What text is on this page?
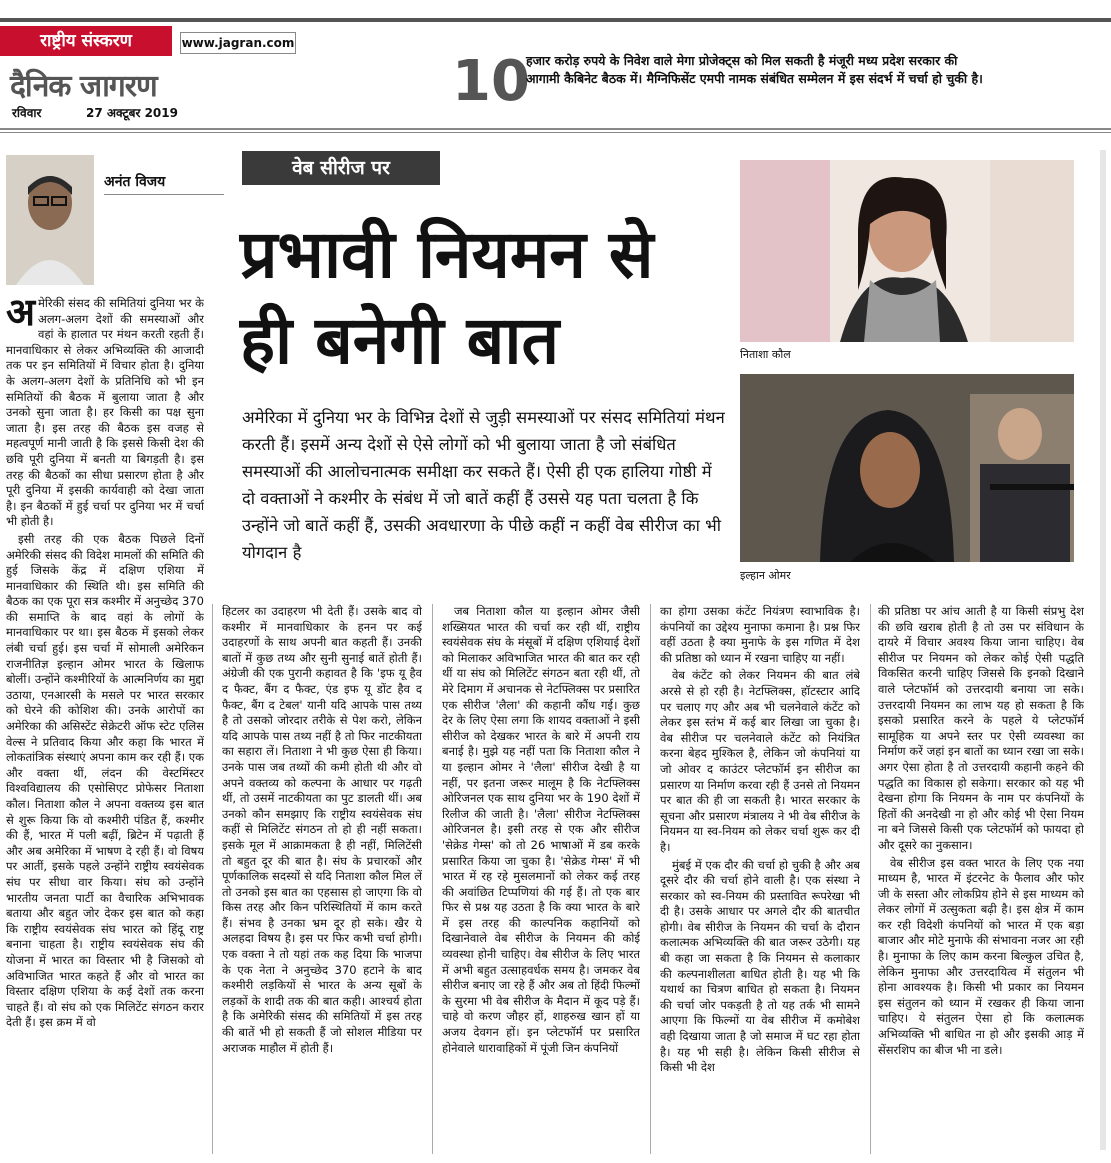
राष्ट्रीय संस्करण	www.jagran.com
दैनिक जागरण
रविवार	27 अक्टूबर 2019	10
हजार करोड़ रुपये के निवेश वाले मेगा प्रोजेक्ट्स को मिल सकती है मंजूरी मध्य प्रदेश सरकार की आगामी कैबिनेट बैठक में। मैग्निफिसेंट एमपी नामक संबंधित सम्मेलन में इस संदर्भ में चर्चा हो चुकी है।
अनंत विजय
वेब सीरीज पर
प्रभावी नियमन से ही बनेगी बात
अमेरिका में दुनिया भर के विभिन्न देशों से जुड़ी समस्याओं पर संसद समितियां मंथन करती हैं। इसमें अन्य देशों से ऐसे लोगों को भी बुलाया जाता है जो संबंधित समस्याओं की आलोचनात्मक समीक्षा कर सकते हैं। ऐसी ही एक हालिया गोष्ठी में दो वक्ताओं ने कश्मीर के संबंध में जो बातें कहीं हैं उससे यह पता चलता है कि उन्होंने जो बातें कहीं हैं, उसकी अवधारणा के पीछे कहीं न कहीं वेब सीरीज का भी योगदान है
निताशा कौल
इल्हान ओमर

अमेरिकी संसद की समितियां दुनिया भर के अलग-अलग देशों की समस्याओं और वहां के हालात पर मंथन करती रहती हैं। मानवाधिकार से लेकर अभिव्यक्ति की आजादी तक पर इन समितियों में विचार होता है। दुनिया के अलग-अलग देशों के प्रतिनिधि को भी इन समितियों की बैठक में बुलाया जाता है और उनको सुना जाता है। हर किसी का पक्ष सुना जाता है। इस तरह की बैठक इस वजह से महत्वपूर्ण मानी जाती है कि इससे किसी देश की छवि पूरी दुनिया में बनती या बिगड़ती है। इस तरह की बैठकों का सीधा प्रसारण होता है और पूरी दुनिया में इसकी कार्यवाही को देखा जाता है। इन बैठकों में हुई चर्चा पर दुनिया भर में चर्चा भी होती है।

इसी तरह की एक बैठक पिछले दिनों अमेरिकी संसद की विदेश मामलों की समिति की हुई जिसके केंद्र में दक्षिण एशिया में मानवाधिकार की स्थिति थी। इस समिति की बैठक का एक पूरा सत्र कश्मीर में अनुच्छेद 370 की समाप्ति के बाद वहां के लोगों के मानवाधिकार पर था। इस बैठक में इसको लेकर लंबी चर्चा हुई। इस चर्चा में सोमाली अमेरिकन राजनीतिज्ञ इल्हान ओमर भारत के खिलाफ बोलीं। उन्होंने कश्मीरियों के आत्मनिर्णय का मुद्दा उठाया, एनआरसी के मसले पर भारत सरकार को घेरने की कोशिश की। उनके आरोपों का अमेरिका की असिस्टेंट सेक्रेटरी ऑफ स्टेट एलिस वेल्स ने प्रतिवाद किया और कहा कि भारत में लोकतांत्रिक संस्थाएं अपना काम कर रही हैं। एक और वक्ता थीं, लंदन की वेस्टमिंस्टर विश्वविद्यालय की एसोसिएट प्रोफेसर निताशा कौल। निताशा कौल ने अपना वक्तव्य इस बात से शुरू किया कि वो कश्मीरी पंडित हैं, कश्मीर की हैं, भारत में पली बढ़ीं, ब्रिटेन में पढ़ाती हैं और अब अमेरिका में भाषण दे रही हैं। वो विषय पर आतीं, इसके पहले उन्होंने राष्ट्रीय स्वयंसेवक संघ पर सीधा वार किया। संघ को उन्होंने भारतीय जनता पार्टी का वैचारिक अभिभावक बताया और बहुत जोर देकर इस बात को कहा कि राष्ट्रीय स्वयंसेवक संघ भारत को हिंदू राष्ट्र बनाना चाहता है। राष्ट्रीय स्वयंसेवक संघ की योजना में भारत का विस्तार भी है जिसको वो अविभाजित भारत कहते हैं और वो भारत का विस्तार दक्षिण एशिया के कई देशों तक करना चाहते हैं। वो संघ को एक मिलिटेंट संगठन करार देती हैं। इस क्रम में वो

हिटलर का उदाहरण भी देती हैं। उसके बाद वो कश्मीर में मानवाधिकार के हनन पर कई उदाहरणों के साथ अपनी बात कहती हैं। उनकी बातों में कुछ तथ्य और सुनी सुनाई बातें होती हैं। अंग्रेजी की एक पुरानी कहावत है कि 'इफ यू हैव द फैक्ट, बैंग द फैक्ट, एंड इफ यू डोंट हैव द फैक्ट, बैंग द टेबल' यानी यदि आपके पास तथ्य है तो उसको जोरदार तरीके से पेश करो, लेकिन यदि आपके पास तथ्य नहीं है तो फिर नाटकीयता का सहारा लें। निताशा ने भी कुछ ऐसा ही किया। उनके पास जब तथ्यों की कमी होती थी और वो अपने वक्तव्य को कल्पना के आधार पर गढ़ती थीं, तो उसमें नाटकीयता का पुट डालती थीं। अब उनको कौन समझाए कि राष्ट्रीय स्वयंसेवक संघ कहीं से मिलिटेंट संगठन तो हो ही नहीं सकता। इसके मूल में आक्रामकता है ही नहीं, मिलिटेंसी तो बहुत दूर की बात है। संघ के प्रचारकों और पूर्णकालिक सदस्यों से यदि निताशा कौल मिल लें तो उनको इस बात का एहसास हो जाएगा कि वो किस तरह और किन परिस्थितियों में काम करते हैं। संभव है उनका भ्रम दूर हो सके। खैर ये अलहदा विषय है। इस पर फिर कभी चर्चा होगी। एक वक्ता ने तो यहां तक कह दिया कि भाजपा के एक नेता ने अनुच्छेद 370 हटाने के बाद कश्मीरी लड़कियों से भारत के अन्य सूबों के लड़कों के शादी तक की बात कही। आश्चर्य होता है कि अमेरिकी संसद की समितियों में इस तरह की बातें भी हो सकती हैं जो सोशल मीडिया पर अराजक माहौल में होती हैं।

जब निताशा कौल या इल्हान ओमर जैसी शख्सियत भारत की चर्चा कर रही थीं, राष्ट्रीय स्वयंसेवक संघ के मंसूबों में दक्षिण एशियाई देशों को मिलाकर अविभाजित भारत की बात कर रही थीं या संघ को मिलिटेंट संगठन बता रही थीं, तो मेरे दिमाग में अचानक से नेटफ्लिक्स पर प्रसारित एक सीरीज 'लैला' की कहानी कौंध गई। कुछ देर के लिए ऐसा लगा कि शायद वक्ताओं ने इसी सीरीज को देखकर भारत के बारे में अपनी राय बनाई है। मुझे यह नहीं पता कि निताशा कौल ने या इल्हान ओमर ने 'लैला' सीरीज देखी है या नहीं, पर इतना जरूर मालूम है कि नेटफ्लिक्स ओरिजनल एक साथ दुनिया भर के 190 देशों में रिलीज की जाती है। 'लैला' सीरीज नेटफ्लिक्स ओरिजनल है। इसी तरह से एक और सीरीज 'सेक्रेड गेम्स' को तो 26 भाषाओं में डब करके प्रसारित किया जा चुका है। 'सेक्रेड गेम्स' में भी भारत में रह रहे मुसलमानों को लेकर कई तरह की अवांछित टिप्पणियां की गई हैं। तो एक बार फिर से प्रश्न यह उठता है कि क्या भारत के बारे में इस तरह की काल्पनिक कहानियों को दिखानेवाले वेब सीरीज के नियमन की कोई व्यवस्था होनी चाहिए। वेब सीरीज के लिए भारत में अभी बहुत उत्साहवर्धक समय है। जमकर वेब सीरीज बनाए जा रहे हैं और अब तो हिंदी फिल्मों के सुरमा भी वेब सीरीज के मैदान में कूद पड़े हैं। चाहे वो करण जौहर हों, शाहरुख खान हों या अजय देवगन हों। इन प्लेटफॉर्म पर प्रसारित होनेवाले धारावाहिकों में पूंजी जिन कंपनियों

का होगा उसका कंटेंट नियंत्रण स्वाभाविक है। कंपनियों का उद्देश्य मुनाफा कमाना है। प्रश्न फिर वहीं उठता है क्या मुनाफे के इस गणित में देश की प्रतिष्ठा को ध्यान में रखना चाहिए या नहीं।

वेब कंटेंट को लेकर नियमन की बात लंबे अरसे से हो रही है। नेटफ्लिक्स, हॉटस्टार आदि पर चलाए गए और अब भी चलनेवाले कंटेंट को लेकर इस स्तंभ में कई बार लिखा जा चुका है। वेब सीरीज पर चलनेवाले कंटेंट को नियंत्रित करना बेहद मुश्किल है, लेकिन जो कंपनियां या जो ओवर द काउंटर प्लेटफॉर्म इन सीरीज का प्रसारण या निर्माण करवा रही हैं उनसे तो नियमन पर बात की ही जा सकती है। भारत सरकार के सूचना और प्रसारण मंत्रालय ने भी वेब सीरीज के नियमन या स्व-नियम को लेकर चर्चा शुरू कर दी है।

मुंबई में एक दौर की चर्चा हो चुकी है और अब दूसरे दौर की चर्चा होने वाली है। एक संस्था ने सरकार को स्व-नियम की प्रस्तावित रूपरेखा भी दी है। उसके आधार पर अगले दौर की बातचीत होगी। वेब सीरीज के नियमन की चर्चा के दौरान कलात्मक अभिव्यक्ति की बात जरूर उठेगी। यह बी कहा जा सकता है कि नियमन से कलाकार की कल्पनाशीलता बाधित होती है। यह भी कि यथार्थ का चित्रण बाधित हो सकता है। नियमन की चर्चा जोर पकड़ती है तो यह तर्क भी सामने आएगा कि फिल्मों या वेब सीरीज में कमोबेश वही दिखाया जाता है जो समाज में घट रहा होता है। यह भी सही है। लेकिन किसी सीरीज से किसी भी देश

की प्रतिष्ठा पर आंच आती है या किसी संप्रभु देश की छवि खराब होती है तो उस पर संविधान के दायरे में विचार अवश्य किया जाना चाहिए। वेब सीरीज पर नियमन को लेकर कोई ऐसी पद्धति विकसित करनी चाहिए जिससे कि इनको दिखाने वाले प्लेटफॉर्म को उत्तरदायी बनाया जा सके। उत्तरदायी नियमन का लाभ यह हो सकता है कि इसको प्रसारित करने के पहले ये प्लेटफॉर्म सामूहिक या अपने स्तर पर ऐसी व्यवस्था का निर्माण करें जहां इन बातों का ध्यान रखा जा सके। अगर ऐसा होता है तो उत्तरदायी कहानी कहने की पद्धति का विकास हो सकेगा। सरकार को यह भी देखना होगा कि नियमन के नाम पर कंपनियों के हितों की अनदेखी ना हो और कोई भी ऐसा नियम ना बने जिससे किसी एक प्लेटफॉर्म को फायदा हो और दूसरे का नुकसान।

वेब सीरीज इस वक्त भारत के लिए एक नया माध्यम है, भारत में इंटरनेट के फैलाव और फोर जी के सस्ता और लोकप्रिय होने से इस माध्यम को लेकर लोगों में उत्सुकता बढ़ी है। इस क्षेत्र में काम कर रही विदेशी कंपनियों को भारत में एक बड़ा बाजार और मोटे मुनाफे की संभावना नजर आ रही है। मुनाफा के लिए काम करना बिल्कुल उचित है, लेकिन मुनाफा और उत्तरदायित्व में संतुलन भी होना आवश्यक है। किसी भी प्रकार का नियमन इस संतुलन को ध्यान में रखकर ही किया जाना चाहिए। ये संतुलन ऐसा हो कि कलात्मक अभिव्यक्ति भी बाधित ना हो और इसकी आड़ में सेंसरशिप का बीज भी ना डले।
